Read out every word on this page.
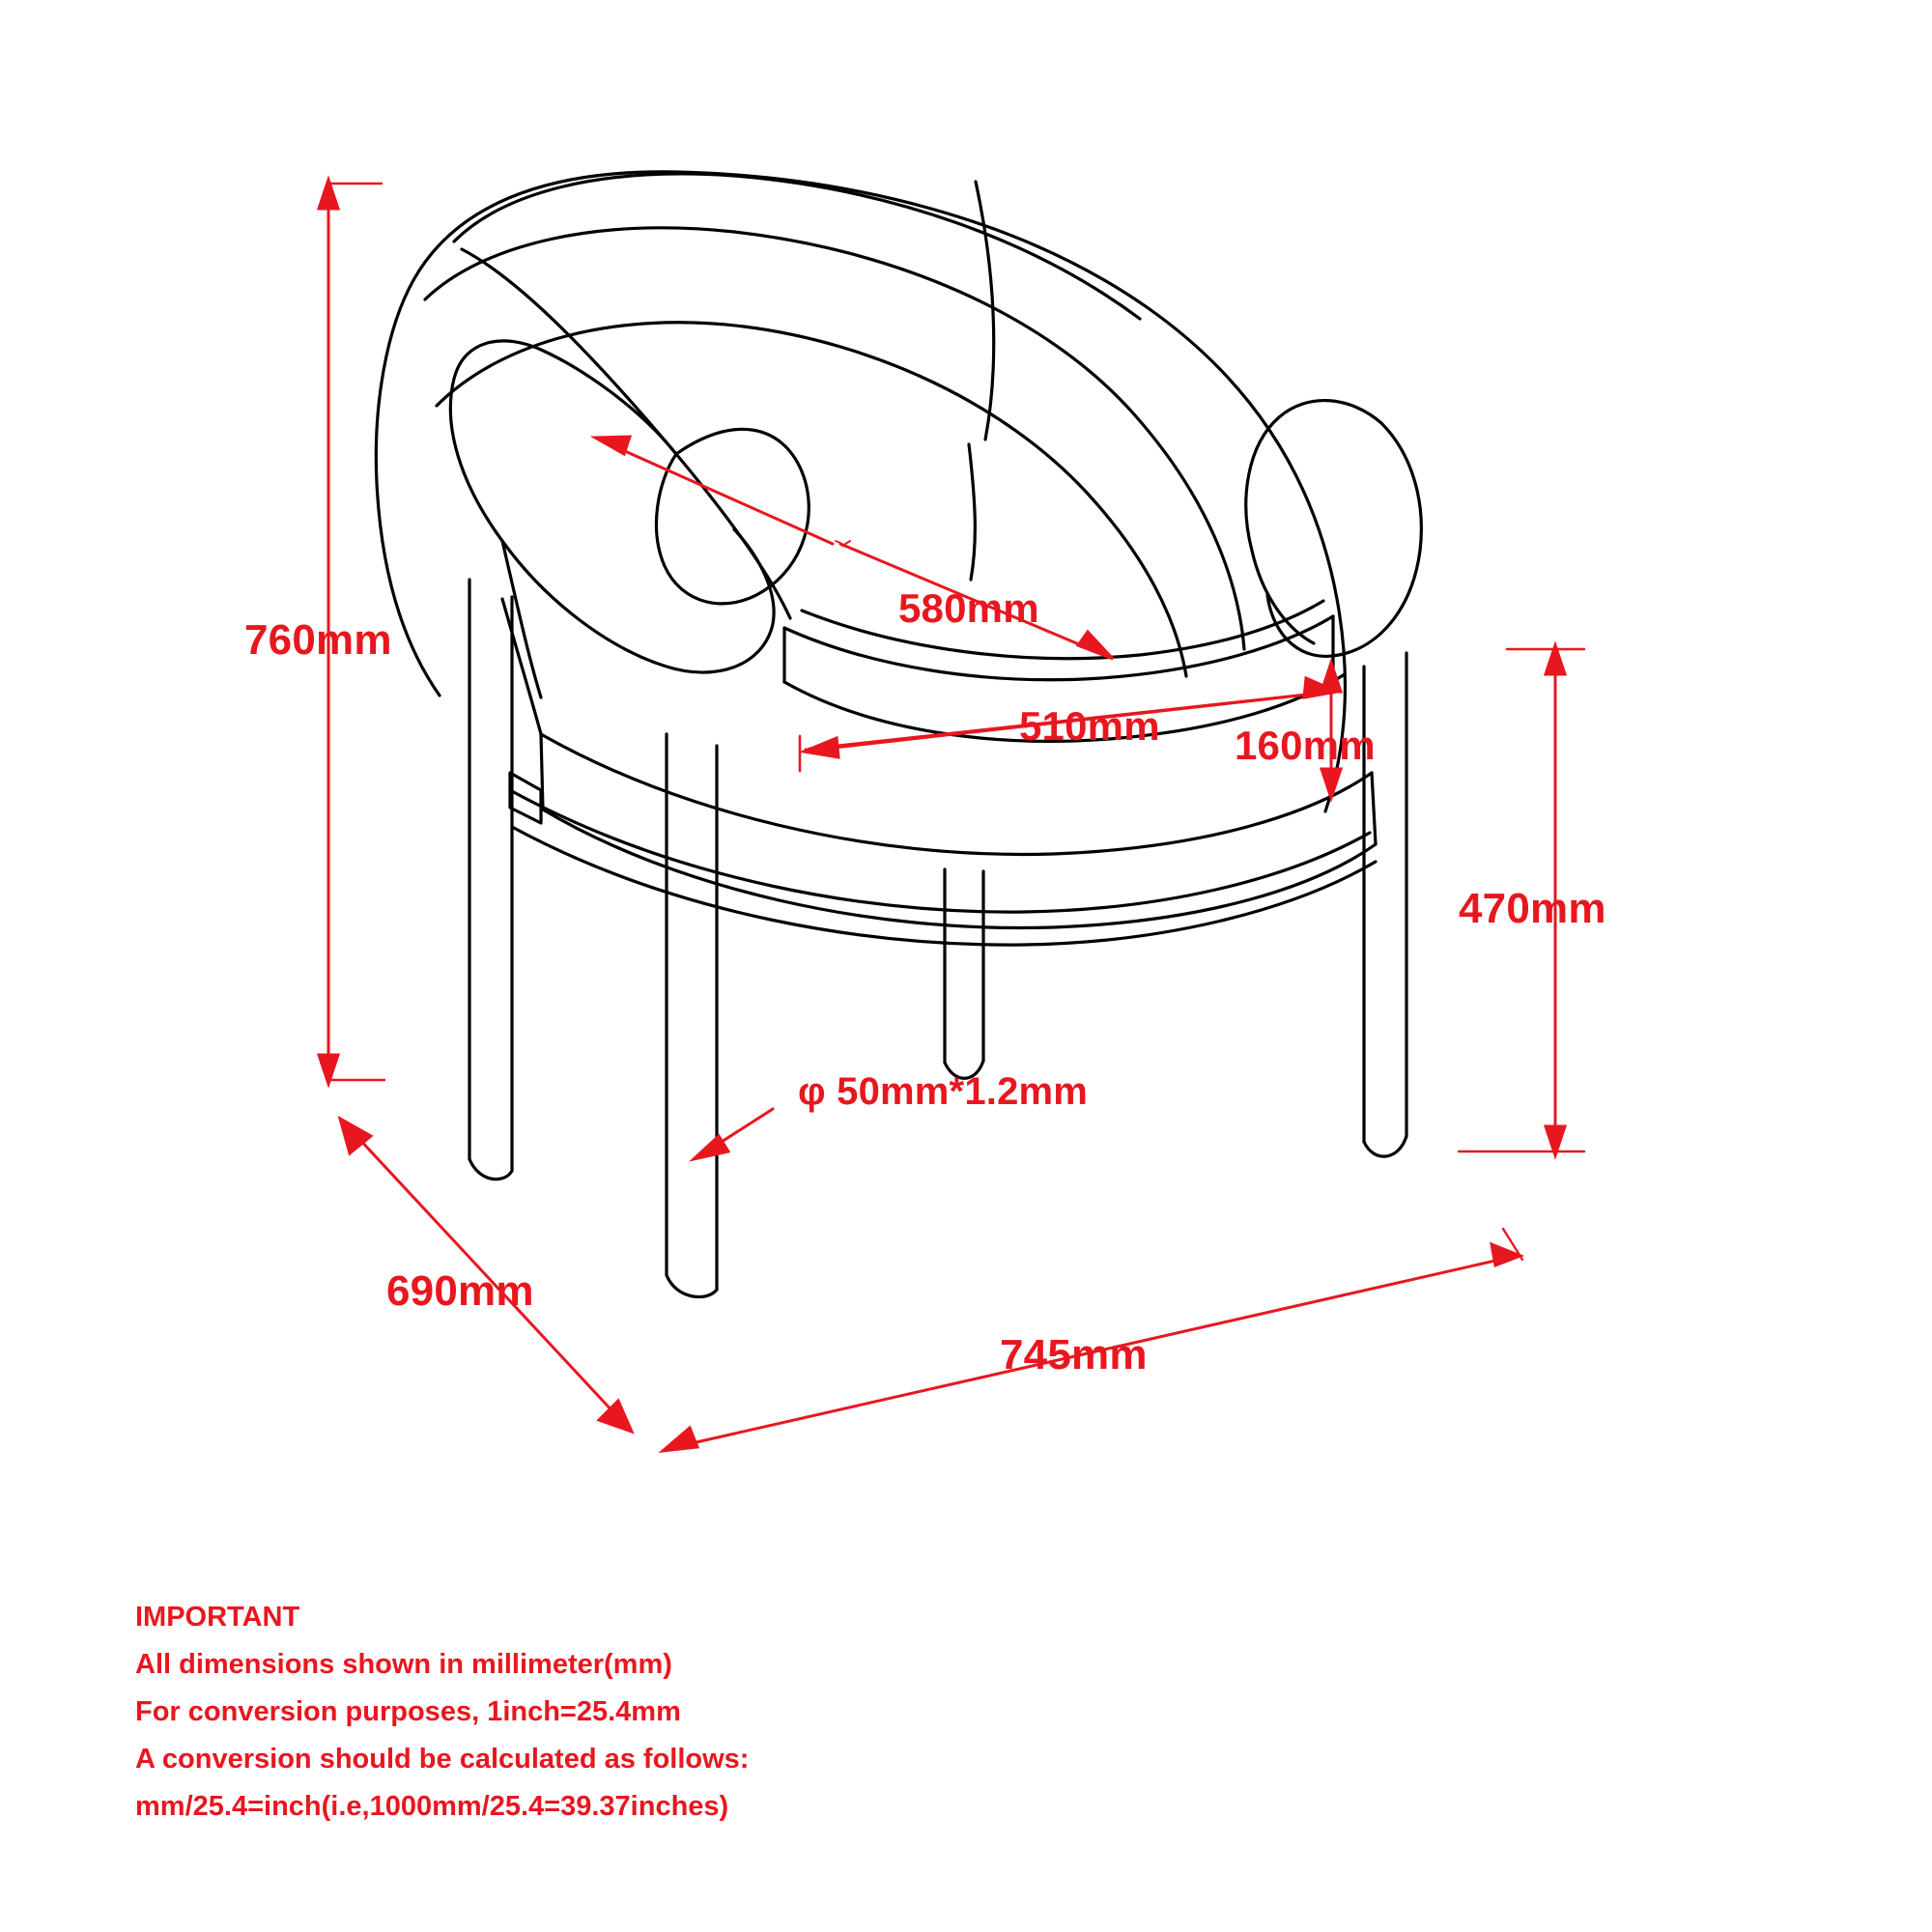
760mm
580mm
510mm 160mm
470mm
φ 50mm*1.2mm
690mm
745mm
IMPORTANT
All dimensions shown in millimeter(mm)
For conversion purposes, 1inch=25.4mm
A conversion should be calculated as follows:
mm/25.4=inch(i.e,1000mm/25.4=39.37inches)
